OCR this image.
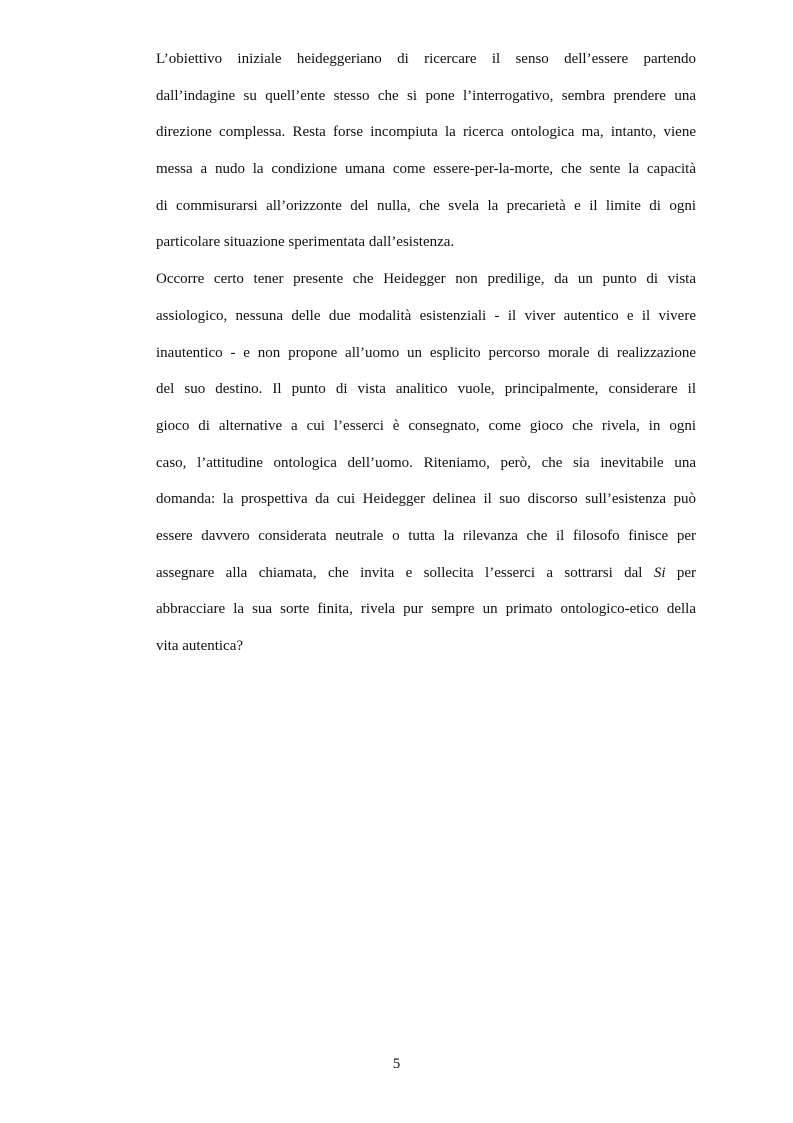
L’obiettivo iniziale heideggeriano di ricercare il senso dell’essere partendo
dall’indagine su quell’ente stesso che si pone l’interrogativo, sembra prendere una
direzione complessa. Resta forse incompiuta la ricerca ontologica ma, intanto, viene
messa a nudo la condizione umana come essere-per-la-morte, che sente la capacità
di commisurarsi all’orizzonte del nulla, che svela la precarietà e il limite di ogni
particolare situazione sperimentata dall’esistenza.
Occorre certo tener presente che Heidegger non predilige, da un punto di vista
assiologico, nessuna delle due modalità esistenziali - il viver autentico e il vivere
inautentico - e non propone all’uomo un esplicito percorso morale di realizzazione
del suo destino. Il punto di vista analitico vuole, principalmente, considerare il
gioco di alternative a cui l’esserci è consegnato, come gioco che rivela, in ogni
caso, l’attitudine ontologica dell’uomo. Riteniamo, però, che sia inevitabile una
domanda: la prospettiva da cui Heidegger delinea il suo discorso sull’esistenza può
essere davvero considerata neutrale o tutta la rilevanza che il filosofo finisce per
assegnare alla chiamata, che invita e sollecita l’esserci a sottrarsi dal Si per
abbracciare la sua sorte finita, rivela pur sempre un primato ontologico-etico della
vita autentica?
5
